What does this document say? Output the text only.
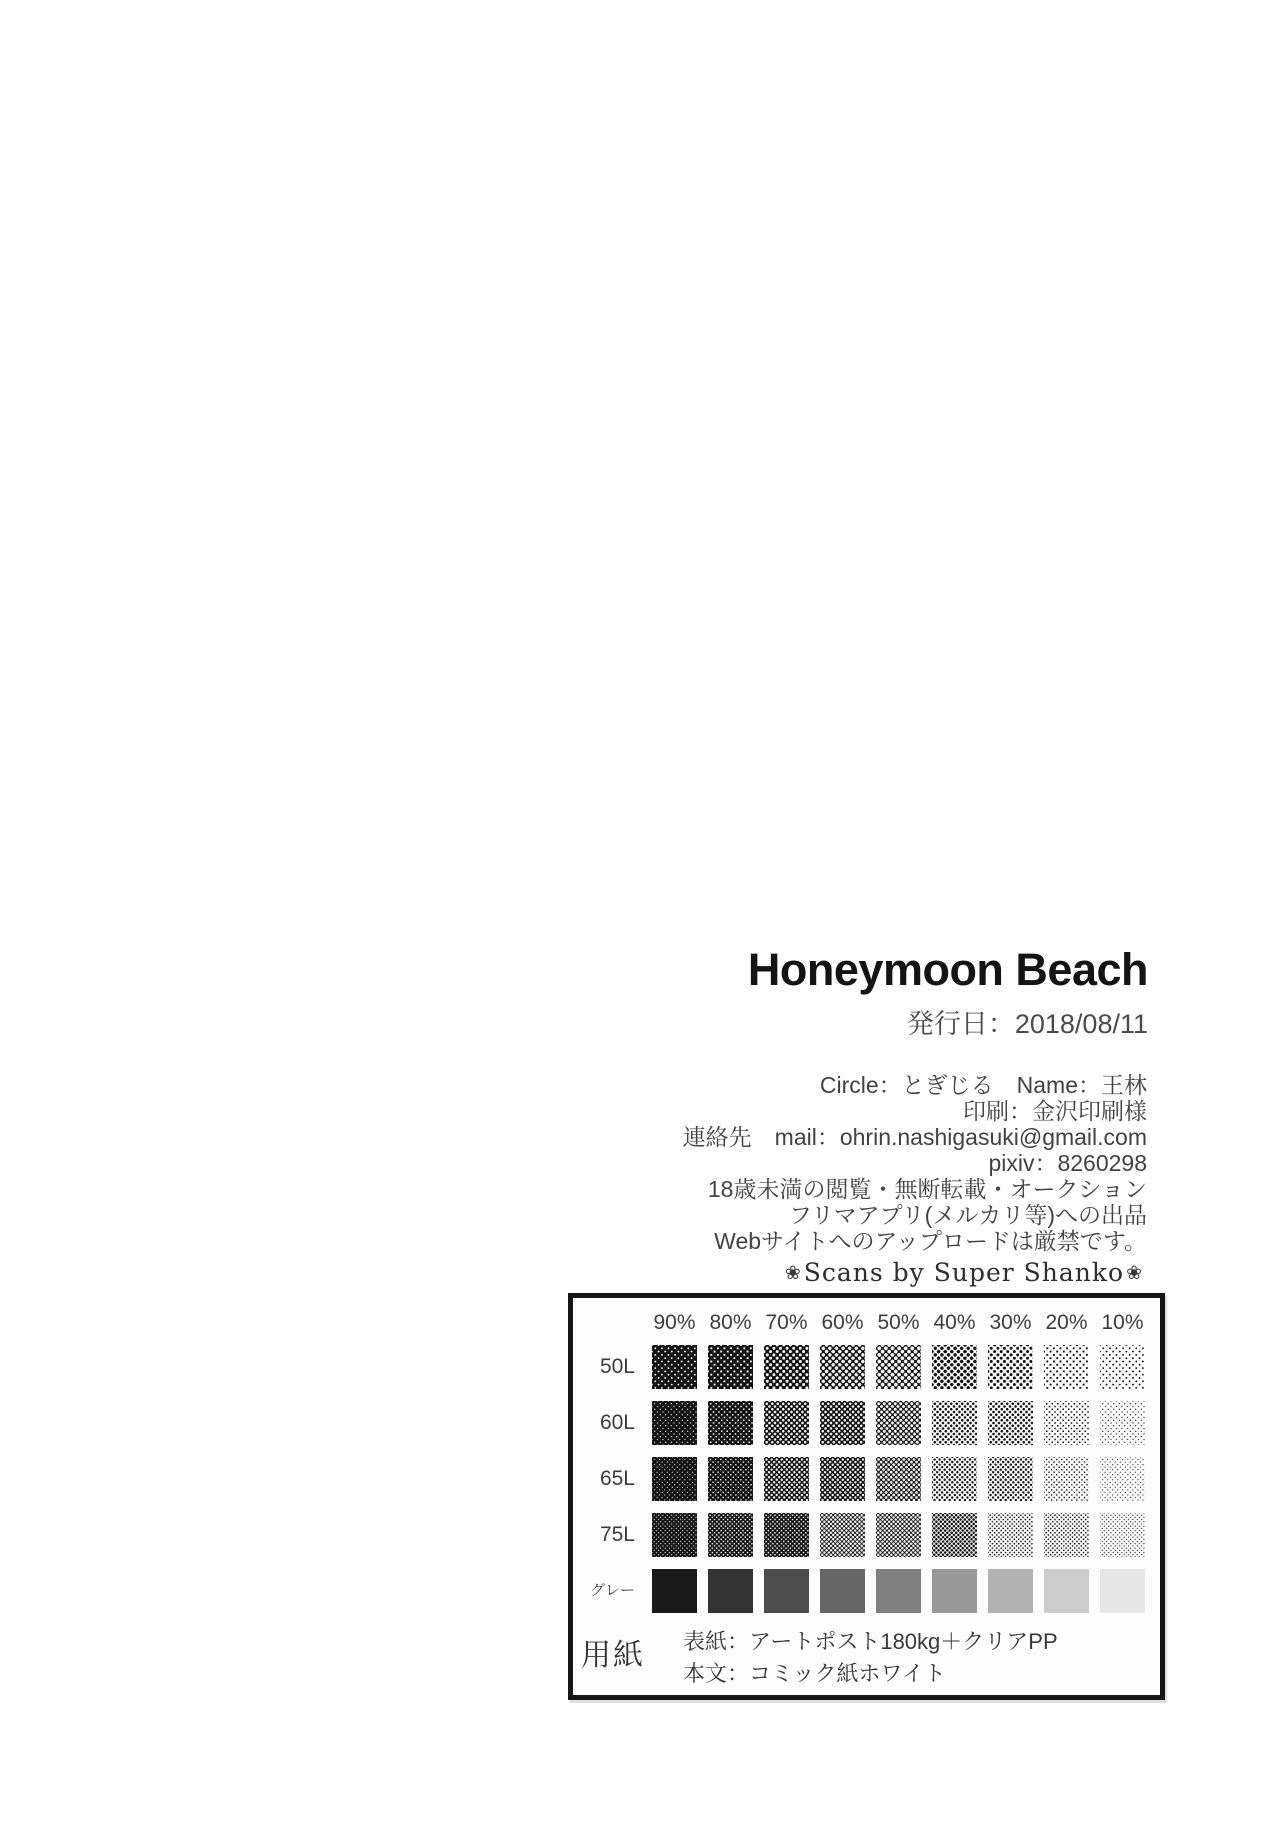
Honeymoon Beach
発行日：2018/08/11
Circle：とぎじる　Name：王林
印刷：金沢印刷様
連絡先　mail：ohrin.nashigasuki@gmail.com
pixiv：8260298
18歳未満の閲覧・無断転載・オークション
フリマアプリ(メルカリ等)への出品
Webサイトへのアップロードは厳禁です。
❀Scans by Super Shanko ❀
90% 80% 70% 60% 50% 40% 30% 20% 10%
50L
60L
65L
75L
グレー
用紙 表紙：アートポスト180kg＋クリアPP
本文：コミック紙ホワイト
